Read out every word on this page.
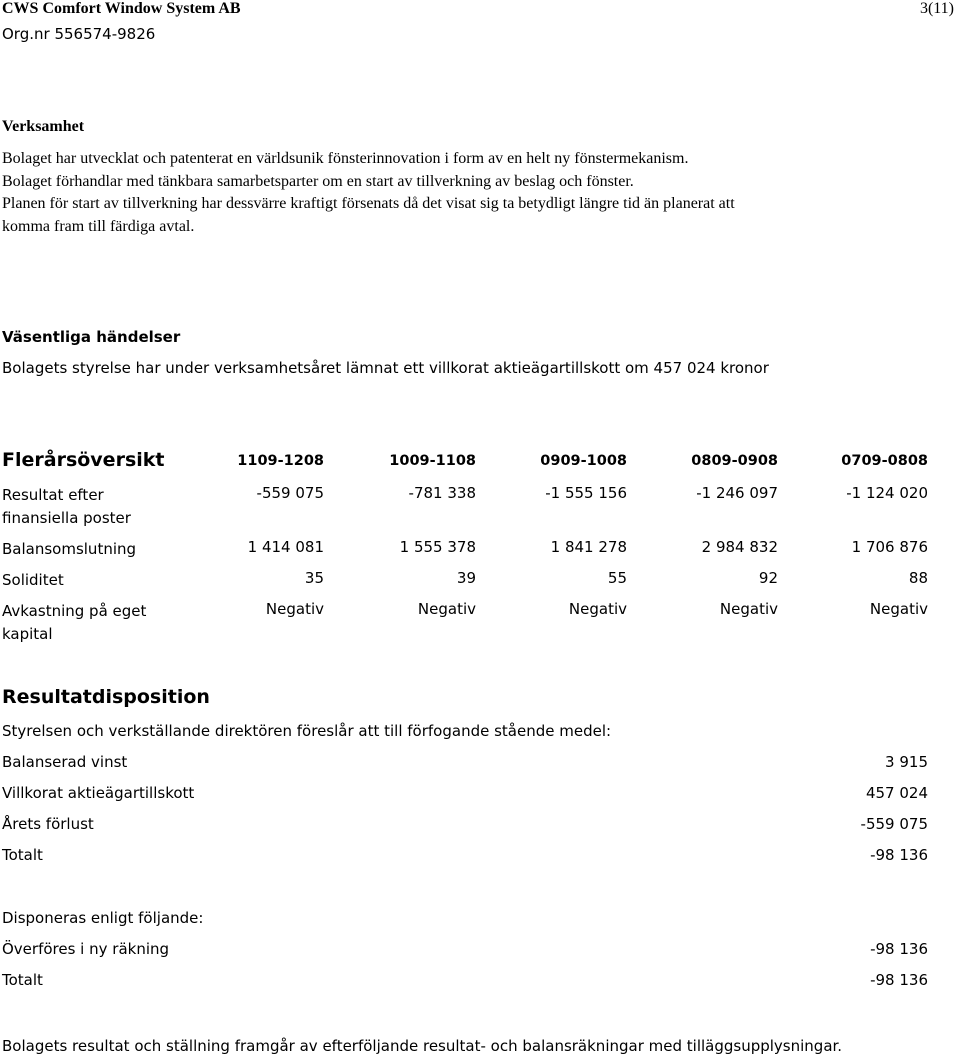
CWS Comfort Window System AB	3(11)
Org.nr 556574-9826
Verksamhet
Bolaget har utvecklat och patenterat en världsunik fönsterinnovation i form av en helt ny fönstermekanism.
Bolaget förhandlar med tänkbara samarbetsparter om en start av tillverkning av beslag och fönster.
Planen för start av tillverkning har dessvärre kraftigt försenats då det visat sig ta betydligt längre tid än planerat att
komma fram till färdiga avtal.
Väsentliga händelser
Bolagets styrelse har under verksamhetsåret lämnat ett villkorat aktieägartillskott om 457 024 kronor
Flerårsöversikt	1109-1208	1009-1108	0909-1008	0809-0908	0709-0808
Resultat efter
finansiella poster
-559 075	-781 338	-1 555 156	-1 246 097	-1 124 020
Balansomslutning	1 414 081	1 555 378	1 841 278	2 984 832	1 706 876
Soliditet	35	39	55	92	88
Avkastning på eget
kapital
Negativ	Negativ	Negativ	Negativ	Negativ
Resultatdisposition
Styrelsen och verkställande direktören föreslår att till förfogande stående medel:
Balanserad vinst	3 915
Villkorat aktieägartillskott	457 024
Årets förlust	-559 075
Totalt	-98 136
Disponeras enligt följande:
Överföres i ny räkning	-98 136
Totalt	-98 136
Bolagets resultat och ställning framgår av efterföljande resultat- och balansräkningar med tilläggsupplysningar.
